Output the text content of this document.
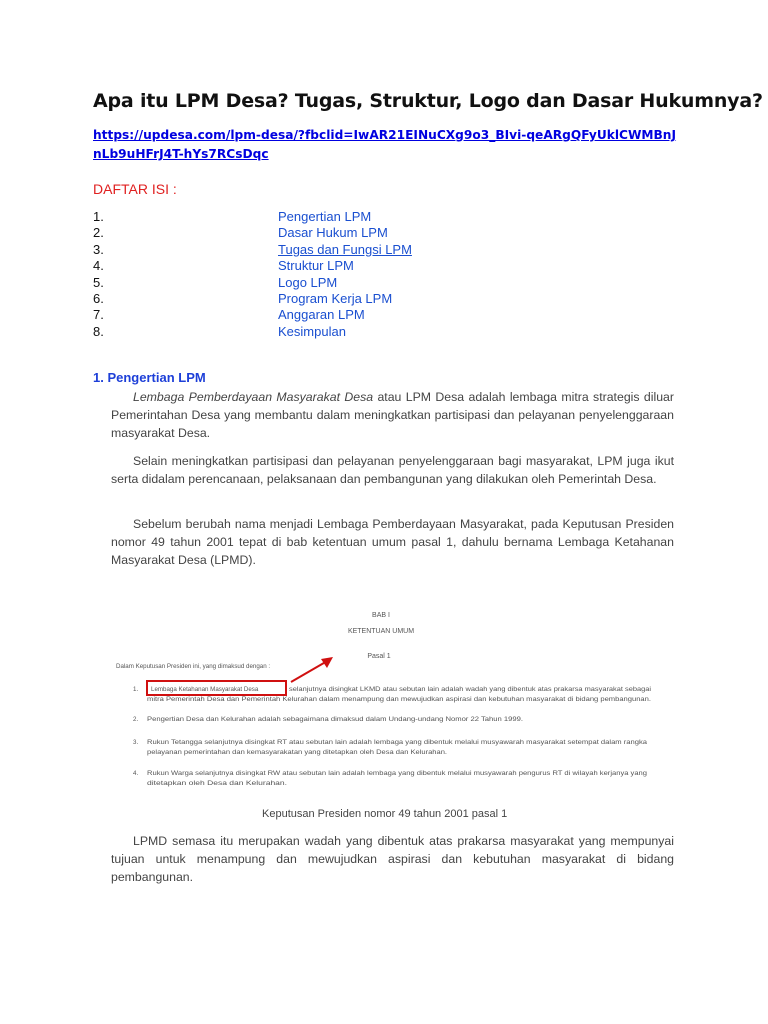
Apa itu LPM Desa? Tugas, Struktur, Logo dan Dasar Hukumnya?
https://updesa.com/lpm-desa/?fbclid=IwAR21EINuCXg9o3_BIvi-qeARgQFyUklCWMBnJnLb9uHFrJ4T-hYs7RCsDqc
DAFTAR ISI :
1.	Pengertian LPM
2.	Dasar Hukum LPM
3.	Tugas dan Fungsi LPM
4.	Struktur LPM
5.	Logo LPM
6.	Program Kerja LPM
7.	Anggaran LPM
8.	Kesimpulan
1. Pengertian LPM

Lembaga Pemberdayaan Masyarakat Desa atau LPM Desa adalah lembaga mitra strategis diluar Pemerintahan Desa yang membantu dalam meningkatkan partisipasi dan pelayanan penyelenggaraan masyarakat Desa.

Selain meningkatkan partisipasi dan pelayanan penyelenggaraan bagi masyarakat, LPM juga ikut serta didalam perencanaan, pelaksanaan dan pembangunan yang dilakukan oleh Pemerintah Desa.

Sebelum berubah nama menjadi Lembaga Pemberdayaan Masyarakat, pada Keputusan Presiden nomor 49 tahun 2001 tepat di bab ketentuan umum pasal 1, dahulu bernama Lembaga Ketahanan Masyarakat Desa (LPMD).

BAB I
KETENTUAN UMUM
Pasal 1
Dalam Keputusan Presiden ini, yang dimaksud dengan :
1. Lembaga Ketahanan Masyarakat Desa	selanjutnya disingkat LKMD atau sebutan lain adalah wadah yang dibentuk atas prakarsa masyarakat sebagai
mitra Pemerintah Desa dan Pemerintah Kelurahan dalam menampung dan mewujudkan aspirasi dan kebutuhan masyarakat di bidang pembangunan.
2. Pengertian Desa dan Kelurahan adalah sebagaimana dimaksud dalam Undang-undang Nomor 22 Tahun 1999.
3. Rukun Tetangga selanjutnya disingkat RT atau sebutan lain adalah lembaga yang dibentuk melalui musyawarah masyarakat setempat dalam rangka
pelayanan pemerintahan dan kemasyarakatan yang ditetapkan oleh Desa dan Kelurahan.
4. Rukun Warga selanjutnya disingkat RW atau sebutan lain adalah lembaga yang dibentuk melalui musyawarah pengurus RT di wilayah kerjanya yang
ditetapkan oleh Desa dan Kelurahan.
Keputusan Presiden nomor 49 tahun 2001 pasal 1

LPMD semasa itu merupakan wadah yang dibentuk atas prakarsa masyarakat yang mempunyai tujuan untuk menampung dan mewujudkan aspirasi dan kebutuhan masyarakat di bidang pembangunan.
